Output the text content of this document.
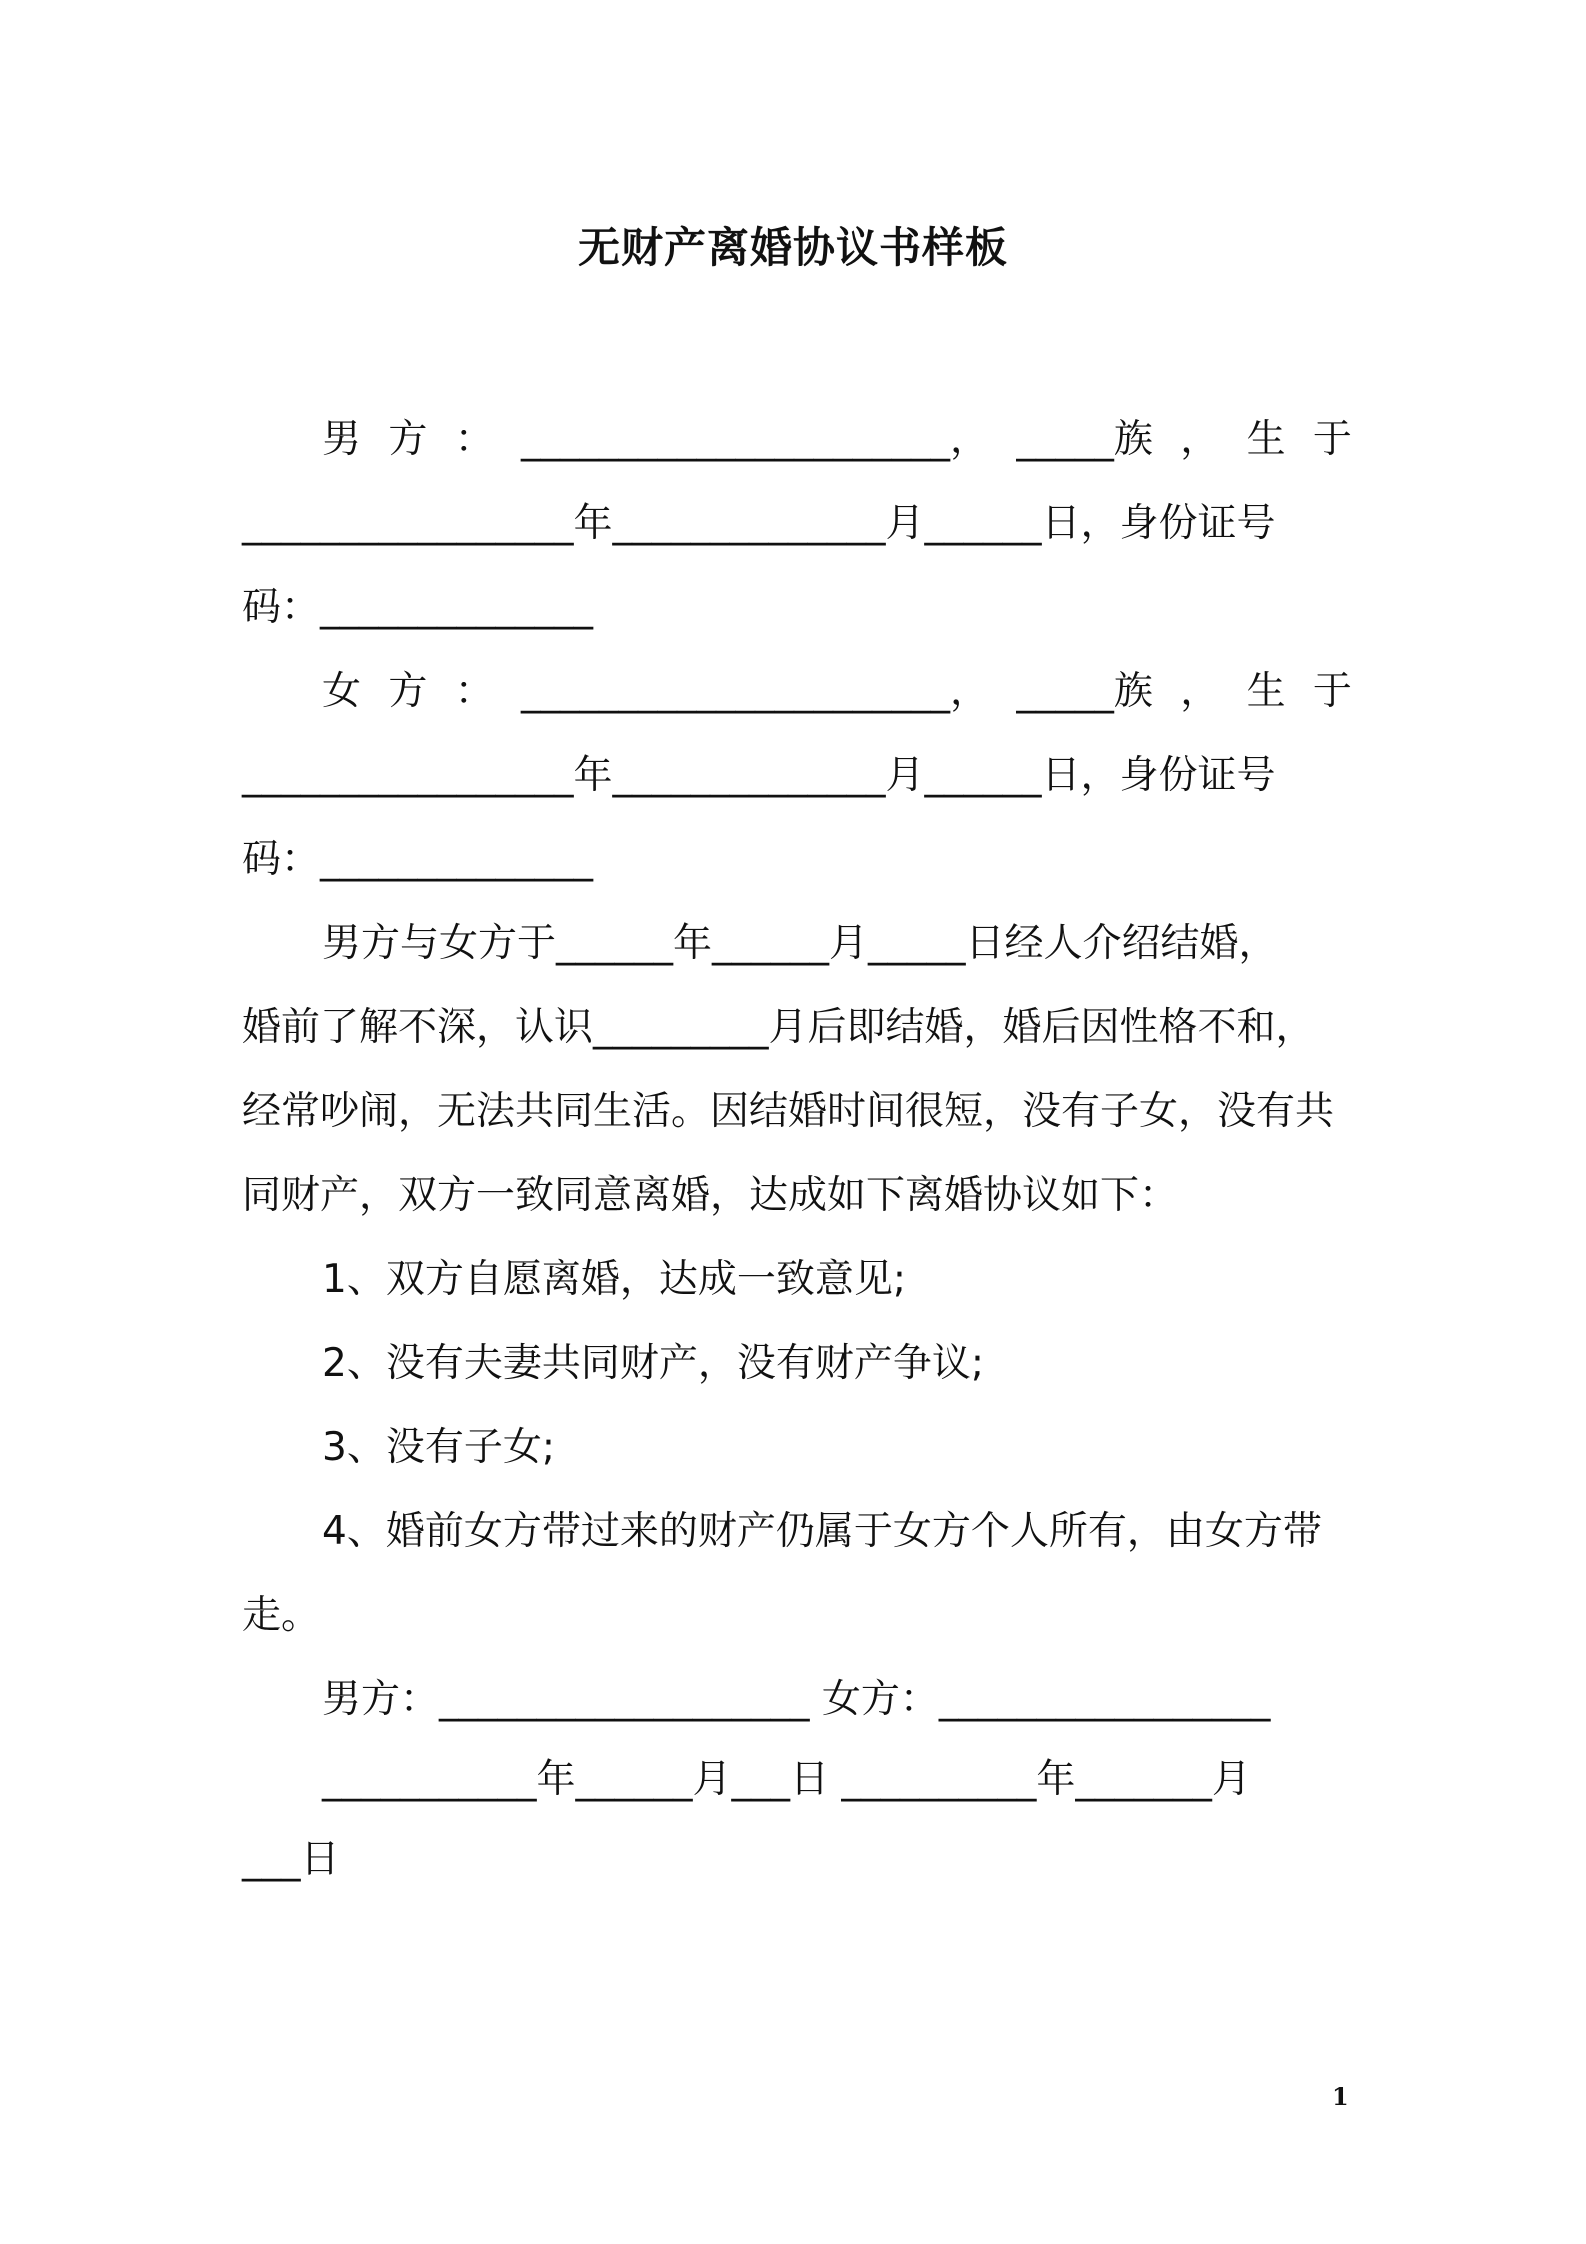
无财产离婚协议书样板
男 方 ： ______________________， _____族 ， 生 于
_________________年______________月______日，身份证号
码：______________
女 方 ： ______________________， _____族 ， 生 于
_________________年______________月______日，身份证号
码：______________
男方与女方于______年______月_____日经人介绍结婚，
婚前了解不深，认识_________月后即结婚，婚后因性格不和，
经常吵闹，无法共同生活。因结婚时间很短，没有子女，没有共
同财产，双方一致同意离婚，达成如下离婚协议如下：
1、双方自愿离婚，达成一致意见;
2、没有夫妻共同财产，没有财产争议;
3、没有子女;
4、婚前女方带过来的财产仍属于女方个人所有，由女方带
走。
男方：___________________ 女方：_________________
___________年______月___日 __________年_______月
___日
1
